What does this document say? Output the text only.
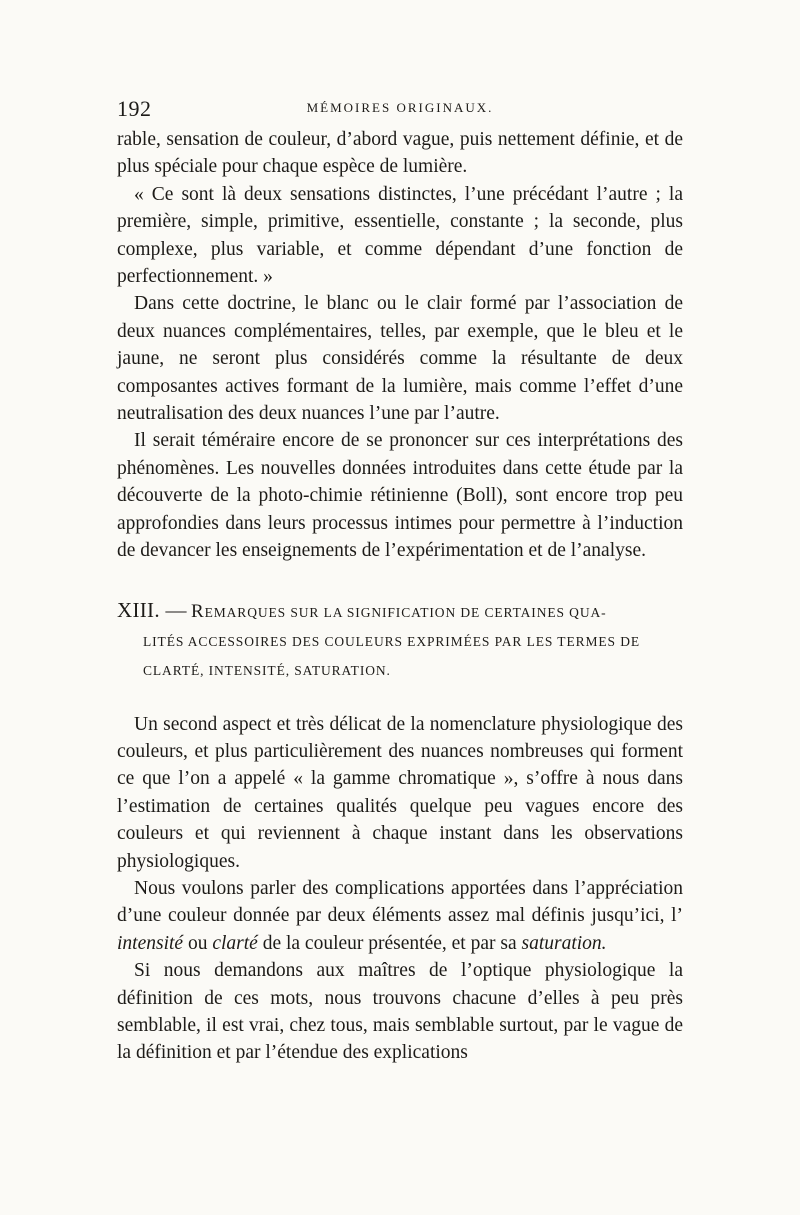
192	MÉMOIRES ORIGINAUX.

rable, sensation de couleur, d’abord vague, puis nettement définie, et de plus spéciale pour chaque espèce de lumière.

« Ce sont là deux sensations distinctes, l’une précédant l’autre ; la première, simple, primitive, essentielle, constante ; la seconde, plus complexe, plus variable, et comme dépendant d’une fonction de perfectionnement. »

Dans cette doctrine, le blanc ou le clair formé par l’association de deux nuances complémentaires, telles, par exemple, que le bleu et le jaune, ne seront plus considérés comme la résultante de deux composantes actives formant de la lumière, mais comme l’effet d’une neutralisation des deux nuances l’une par l’autre.

Il serait téméraire encore de se prononcer sur ces interprétations des phénomènes. Les nouvelles données introduites dans cette étude par la découverte de la photo-chimie rétinienne (Boll), sont encore trop peu approfondies dans leurs processus intimes pour permettre à l’induction de devancer les enseignements de l’expérimentation et de l’analyse.

XIII. — REMARQUES SUR LA SIGNIFICATION DE CERTAINES QUA-
LITÉS ACCESSOIRES DES COULEURS EXPRIMÉES PAR LES TERMES DE
CLARTÉ, INTENSITÉ, SATURATION.

Un second aspect et très délicat de la nomenclature physiologique des couleurs, et plus particulièrement des nuances nombreuses qui forment ce que l’on a appelé « la gamme chromatique », s’offre à nous dans l’estimation de certaines qualités quelque peu vagues encore des couleurs et qui reviennent à chaque instant dans les observations physiologiques.

Nous voulons parler des complications apportées dans l’appréciation d’une couleur donnée par deux éléments assez mal définis jusqu’ici, l’ intensité ou clarté de la couleur présentée, et par sa saturation.

Si nous demandons aux maîtres de l’optique physiologique la définition de ces mots, nous trouvons chacune d’elles à peu près semblable, il est vrai, chez tous, mais semblable surtout, par le vague de la définition et par l’étendue des explications
